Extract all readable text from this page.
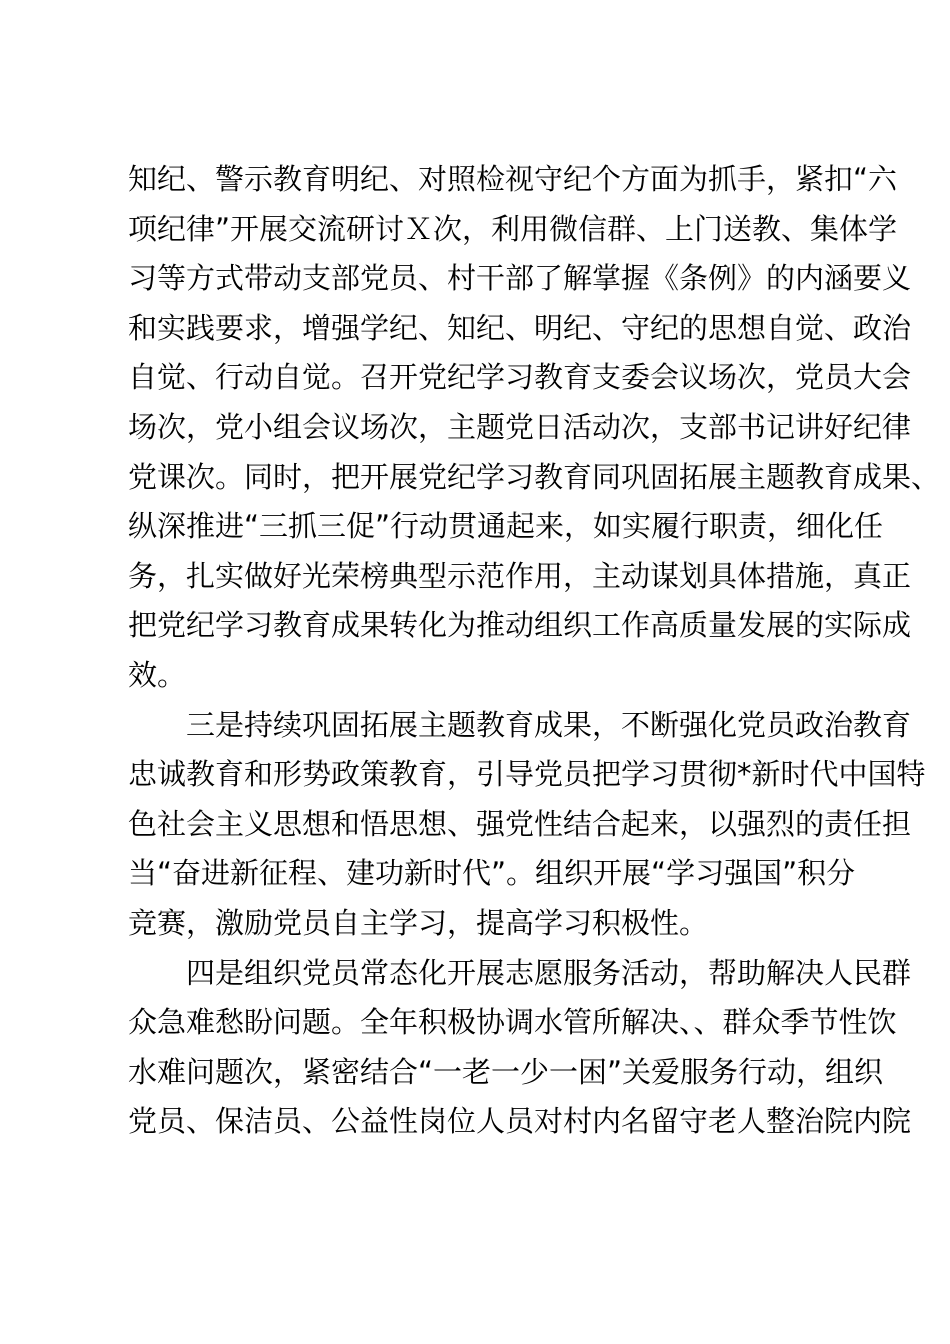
知纪、警示教育明纪、对照检视守纪个方面为抓手，紧扣“六
项纪律”开展交流研讨Ｘ次，利用微信群、上门送教、集体学
习等方式带动支部党员、村干部了解掌握《条例》的内涵要义
和实践要求，增强学纪、知纪、明纪、守纪的思想自觉、政治
自觉、行动自觉。召开党纪学习教育支委会议场次，党员大会
场次，党小组会议场次，主题党日活动次，支部书记讲好纪律
党课次。同时，把开展党纪学习教育同巩固拓展主题教育成果、
纵深推进“三抓三促”行动贯通起来，如实履行职责，细化任
务，扎实做好光荣榜典型示范作用，主动谋划具体措施，真正
把党纪学习教育成果转化为推动组织工作高质量发展的实际成
效。
　　三是持续巩固拓展主题教育成果，不断强化党员政治教育
忠诚教育和形势政策教育，引导党员把学习贯彻*新时代中国特
色社会主义思想和悟思想、强党性结合起来，以强烈的责任担
当“奋进新征程、建功新时代”。组织开展“学习强国”积分
竞赛，激励党员自主学习，提高学习积极性。
　　四是组织党员常态化开展志愿服务活动，帮助解决人民群
众急难愁盼问题。全年积极协调水管所解决、、群众季节性饮
水难问题次，紧密结合“一老一少一困”关爱服务行动，组织
党员、保洁员、公益性岗位人员对村内名留守老人整治院内院
